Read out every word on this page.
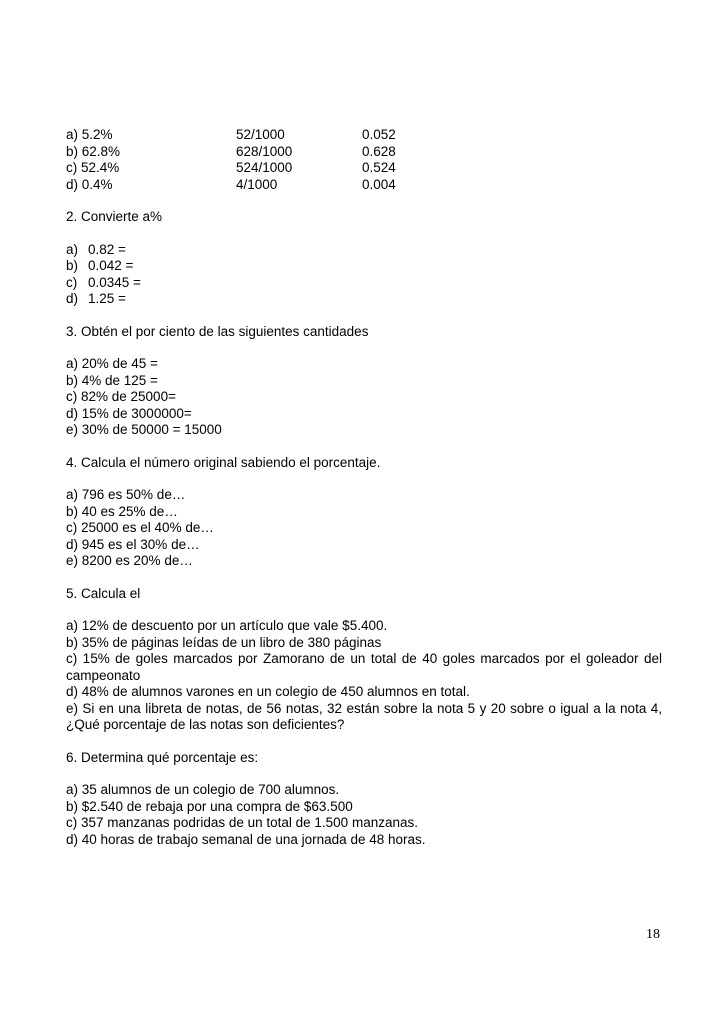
a) 5.2%	52/1000	0.052
b) 62.8%	628/1000	0.628
c) 52.4%	524/1000	0.524
d) 0.4%	4/1000	0.004
2. Convierte a%
a) 0.82 =
b) 0.042 =
c) 0.0345 =
d) 1.25 =
3. Obtén el por ciento de las siguientes cantidades
a) 20% de 45 =
b) 4% de 125 =
c) 82% de 25000=
d) 15% de 3000000=
e) 30% de 50000 = 15000
4. Calcula el número original sabiendo el porcentaje.
a) 796 es 50% de…
b) 40 es 25% de…
c) 25000 es el 40% de…
d) 945 es el 30% de…
e) 8200 es 20% de…
5. Calcula el
a) 12% de descuento por un artículo que vale $5.400.
b) 35% de páginas leídas de un libro de 380 páginas
c) 15% de goles marcados por Zamorano de un total de 40 goles marcados por el goleador del campeonato
d) 48% de alumnos varones en un colegio de 450 alumnos en total.
e) Si en una libreta de notas, de 56 notas, 32 están sobre la nota 5 y 20 sobre o igual a la nota 4, ¿Qué porcentaje de las notas son deficientes?
6. Determina qué porcentaje es:
a) 35 alumnos de un colegio de 700 alumnos.
b) $2.540 de rebaja por una compra de $63.500
c) 357 manzanas podridas de un total de 1.500 manzanas.
d) 40 horas de trabajo semanal de una jornada de 48 horas.
18
